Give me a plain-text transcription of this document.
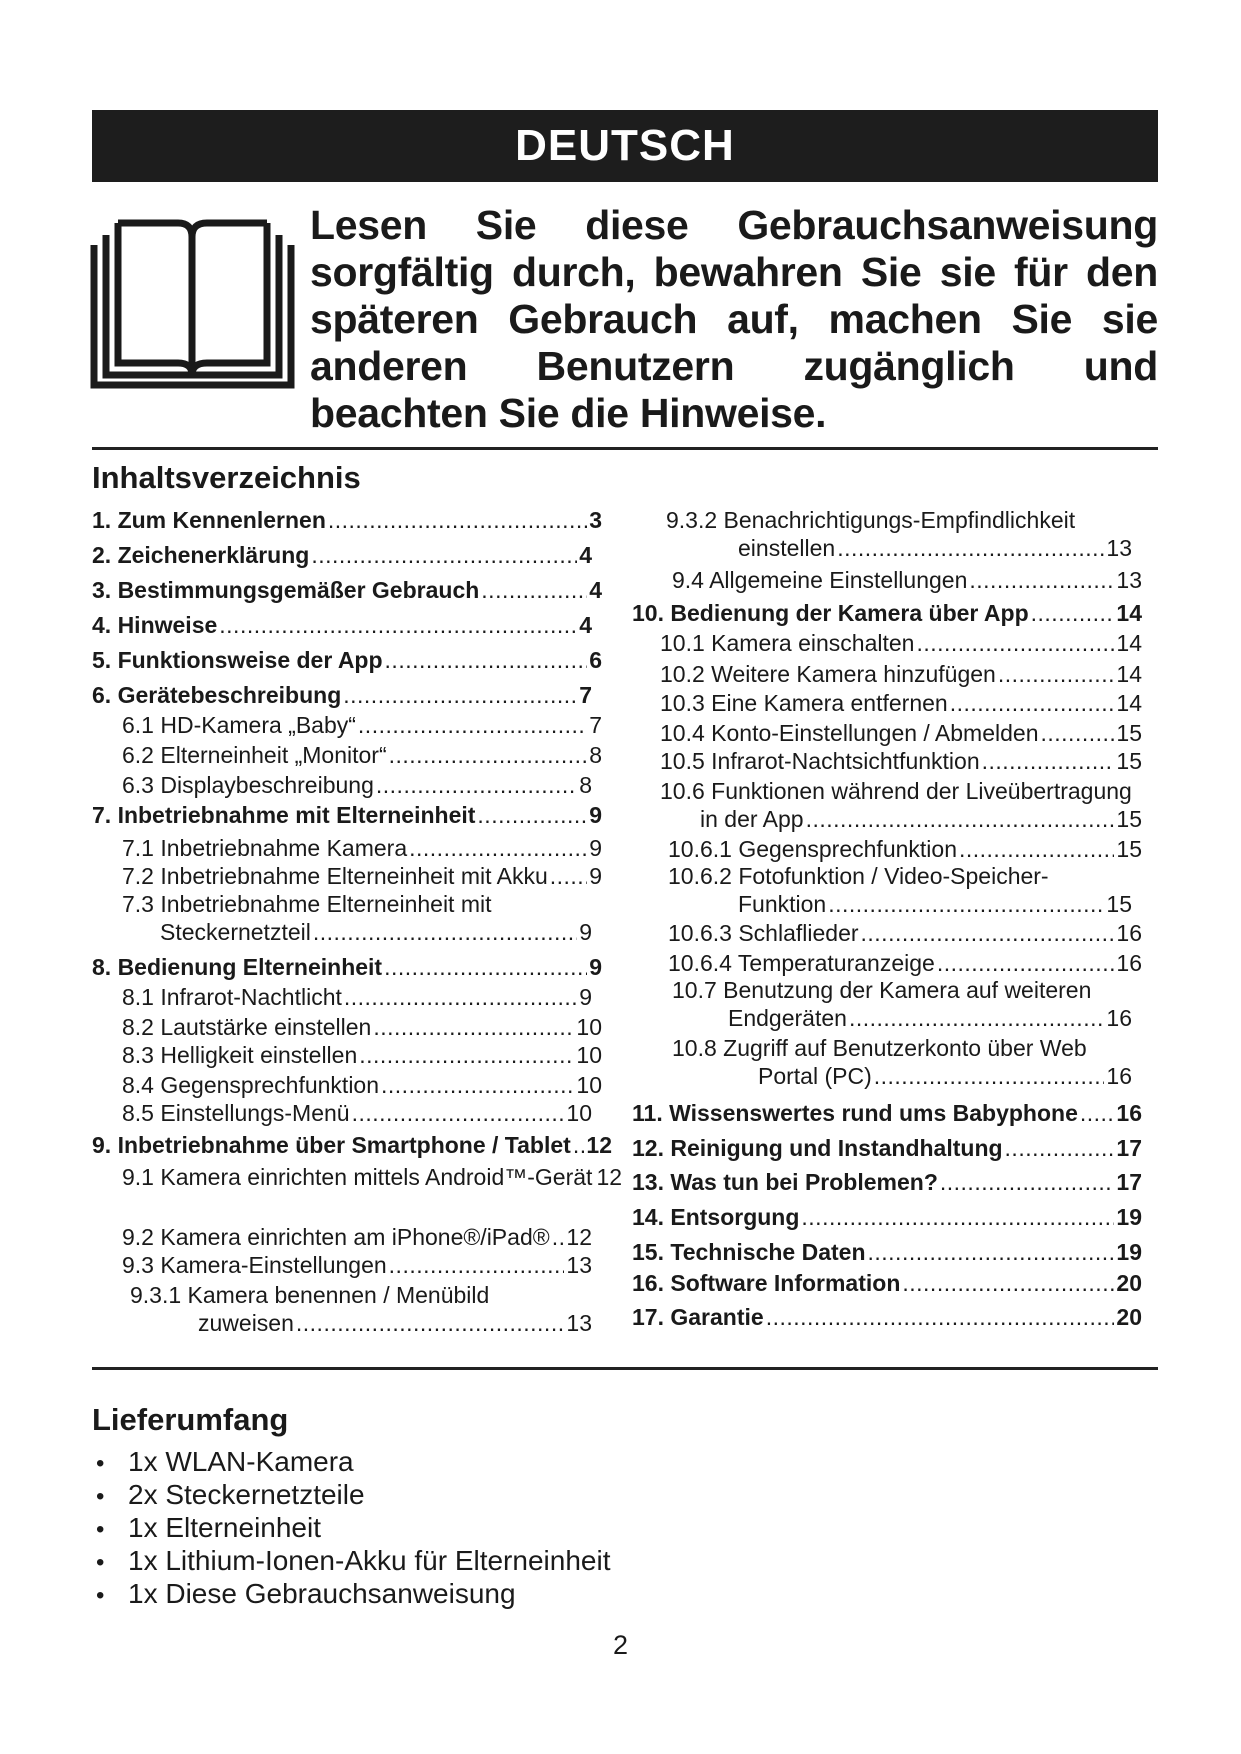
DEUTSCH
Lesen Sie diese Gebrauchsanweisung sorgfältig durch, bewahren Sie sie für den späteren Gebrauch auf, machen Sie sie anderen Benutzern zugänglich und beachten Sie die Hinweise.
Inhaltsverzeichnis
1. Zum Kennenlernen .....	3
2. Zeichenerklärung .....	4
3. Bestimmungsgemäßer Gebrauch .....	4
4. Hinweise .....	4
5. Funktionsweise der App .....	6
6. Gerätebeschreibung .....	7
6.1 HD-Kamera „Baby“ .....	7
6.2 Elterneinheit „Monitor“ .....	8
6.3 Displaybeschreibung .....	8
7. Inbetriebnahme mit Elterneinheit .....	9
7.1 Inbetriebnahme Kamera .....	9
7.2 Inbetriebnahme Elterneinheit mit Akku ..... 9
7.3 Inbetriebnahme Elterneinheit mit
Steckernetzteil .....	9
8. Bedienung Elterneinheit .....	9
8.1 Infrarot-Nachtlicht .....	9
8.2 Lautstärke einstellen .....	10
8.3 Helligkeit einstellen .....	10
8.4 Gegensprechfunktion .....	10
8.5 Einstellungs-Menü .....	10
9. Inbetriebnahme über Smartphone / Tablet ..... 12
9.1 Kamera einrichten mittels Android™-Gerät 12
9.2 Kamera einrichten am iPhone®/iPad® ..... 12
9.3 Kamera-Einstellungen .....	13
9.3.1 Kamera benennen / Menübild
zuweisen .....	13
9.3.2 Benachrichtigungs-Empfindlichkeit
einstellen .....	13
9.4 Allgemeine Einstellungen .....	13
10. Bedienung der Kamera über App .....	14
10.1 Kamera einschalten .....	14
10.2 Weitere Kamera hinzufügen .....	14
10.3 Eine Kamera entfernen .....	14
10.4 Konto-Einstellungen / Abmelden .....	15
10.5 Infrarot-Nachtsichtfunktion .....	15
10.6 Funktionen während der Liveübertragung
in der App .....	15
10.6.1 Gegensprechfunktion .....	15
10.6.2 Fotofunktion / Video-Speicher-
Funktion .....	15
10.6.3 Schlaflieder .....	16
10.6.4 Temperaturanzeige .....	16
10.7 Benutzung der Kamera auf weiteren
Endgeräten .....	16
10.8 Zugriff auf Benutzerkonto über Web
Portal (PC) .....	16
11. Wissenswertes rund ums Babyphone ..... 16
12. Reinigung und Instandhaltung .....	17
13. Was tun bei Problemen? .....	17
14. Entsorgung .....	19
15. Technische Daten .....	19
16. Software Information .....	20
17. Garantie .....	20
Lieferumfang
• 1x WLAN-Kamera
• 2x Steckernetzteile
• 1x Elterneinheit
• 1x Lithium-Ionen-Akku für Elterneinheit
• 1x Diese Gebrauchsanweisung
2
